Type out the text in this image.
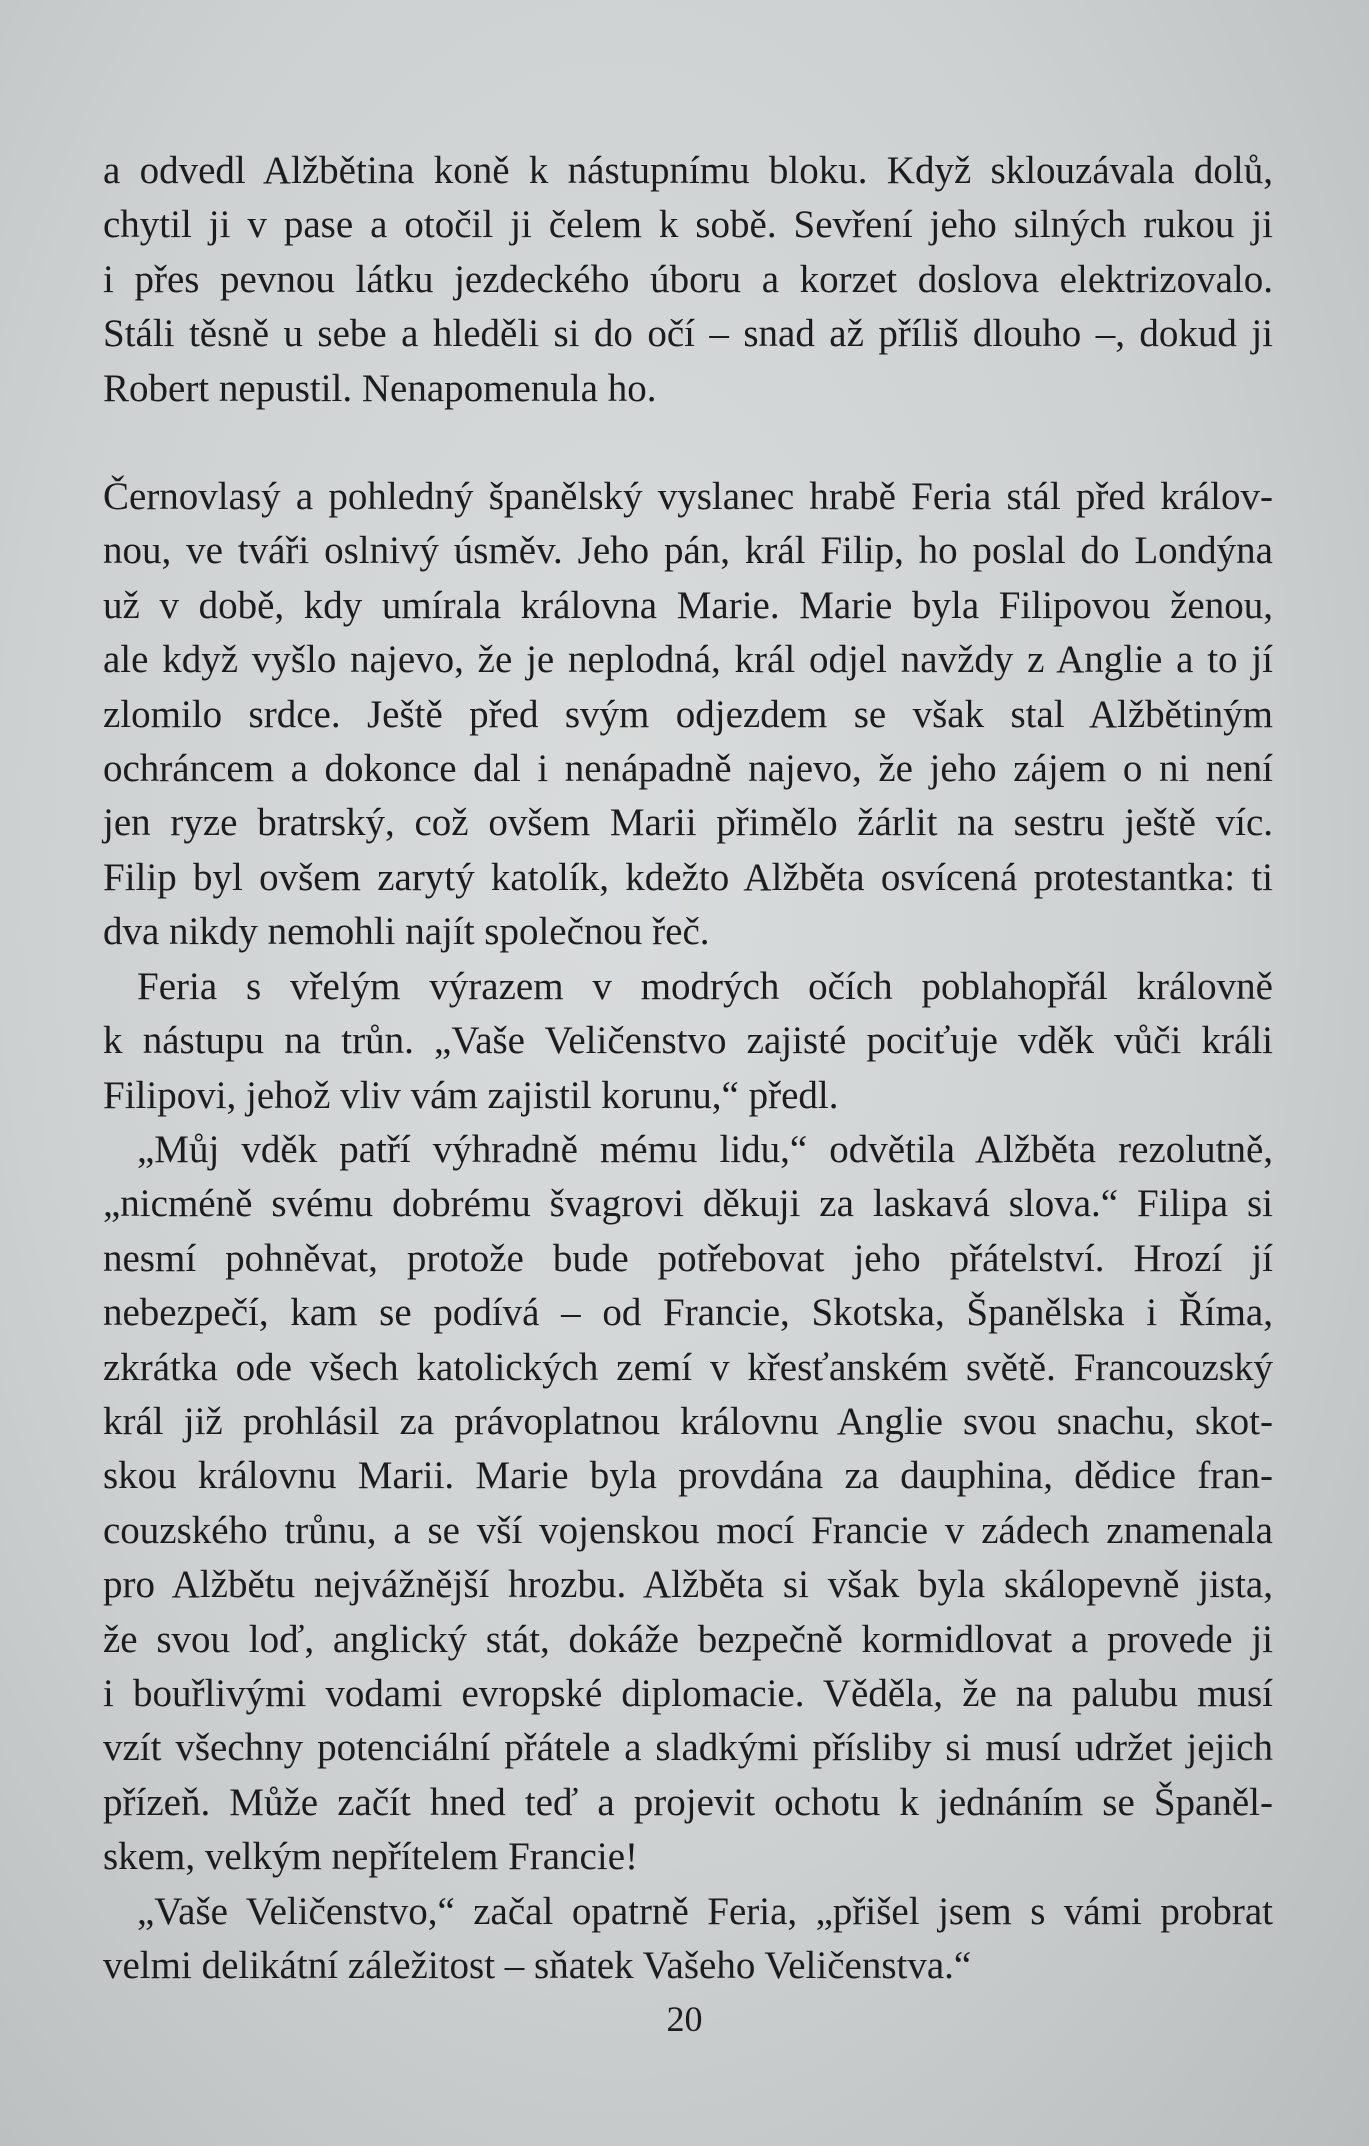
a odvedl Alžbětina koně k nástupnímu bloku. Když sklouzávala dolů,
chytil ji v pase a otočil ji čelem k sobě. Sevření jeho silných rukou ji
i přes pevnou látku jezdeckého úboru a korzet doslova elektrizovalo.
Stáli těsně u sebe a hleděli si do očí – snad až příliš dlouho –, dokud ji
Robert nepustil. Nenapomenula ho.
Černovlasý a pohledný španělský vyslanec hrabě Feria stál před králov-
nou, ve tváři oslnivý úsměv. Jeho pán, král Filip, ho poslal do Londýna
už v době, kdy umírala královna Marie. Marie byla Filipovou ženou,
ale když vyšlo najevo, že je neplodná, král odjel navždy z Anglie a to jí
zlomilo srdce. Ještě před svým odjezdem se však stal Alžbětiným
ochráncem a dokonce dal i nenápadně najevo, že jeho zájem o ni není
jen ryze bratrský, což ovšem Marii přimělo žárlit na sestru ještě víc.
Filip byl ovšem zarytý katolík, kdežto Alžběta osvícená protestantka: ti
dva nikdy nemohli najít společnou řeč.
Feria s vřelým výrazem v modrých očích poblahopřál královně
k nástupu na trůn. „Vaše Veličenstvo zajisté pociťuje vděk vůči králi
Filipovi, jehož vliv vám zajistil korunu,“ předl.
„Můj vděk patří výhradně mému lidu,“ odvětila Alžběta rezolutně,
„nicméně svému dobrému švagrovi děkuji za laskavá slova.“ Filipa si
nesmí pohněvat, protože bude potřebovat jeho přátelství. Hrozí jí
nebezpečí, kam se podívá – od Francie, Skotska, Španělska i Říma,
zkrátka ode všech katolických zemí v křesťanském světě. Francouzský
král již prohlásil za právoplatnou královnu Anglie svou snachu, skot-
skou královnu Marii. Marie byla provdána za dauphina, dědice fran-
couzského trůnu, a se vší vojenskou mocí Francie v zádech znamenala
pro Alžbětu nejvážnější hrozbu. Alžběta si však byla skálopevně jista,
že svou loď, anglický stát, dokáže bezpečně kormidlovat a provede ji
i bouřlivými vodami evropské diplomacie. Věděla, že na palubu musí
vzít všechny potenciální přátele a sladkými přísliby si musí udržet jejich
přízeň. Může začít hned teď a projevit ochotu k jednáním se Španěl-
skem, velkým nepřítelem Francie!
„Vaše Veličenstvo,“ začal opatrně Feria, „přišel jsem s vámi probrat
velmi delikátní záležitost – sňatek Vašeho Veličenstva.“
20
